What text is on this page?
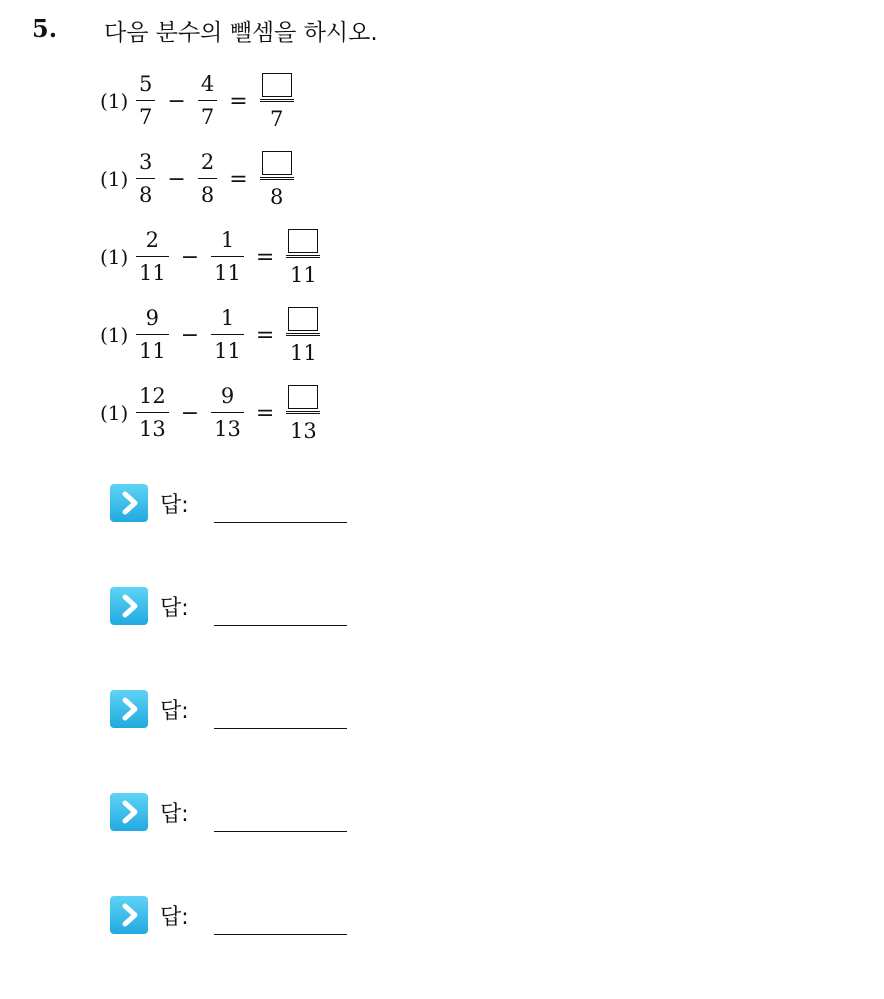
5. 다음 분수의 뺄셈을 하시오.
$(1) \frac{5}{7} - \frac{4}{7}$ =
7
$(1) \frac{3}{8} - \frac{2}{8}$ =
8
$(1) \frac{2}{11} - \frac{1}{11}$ =
11
$(1) \frac{9}{11} - \frac{1}{11}$ =
11
$(1) \frac{12}{13} - \frac{9}{13}$ =
13
답:
답:
답:
답:
답:
